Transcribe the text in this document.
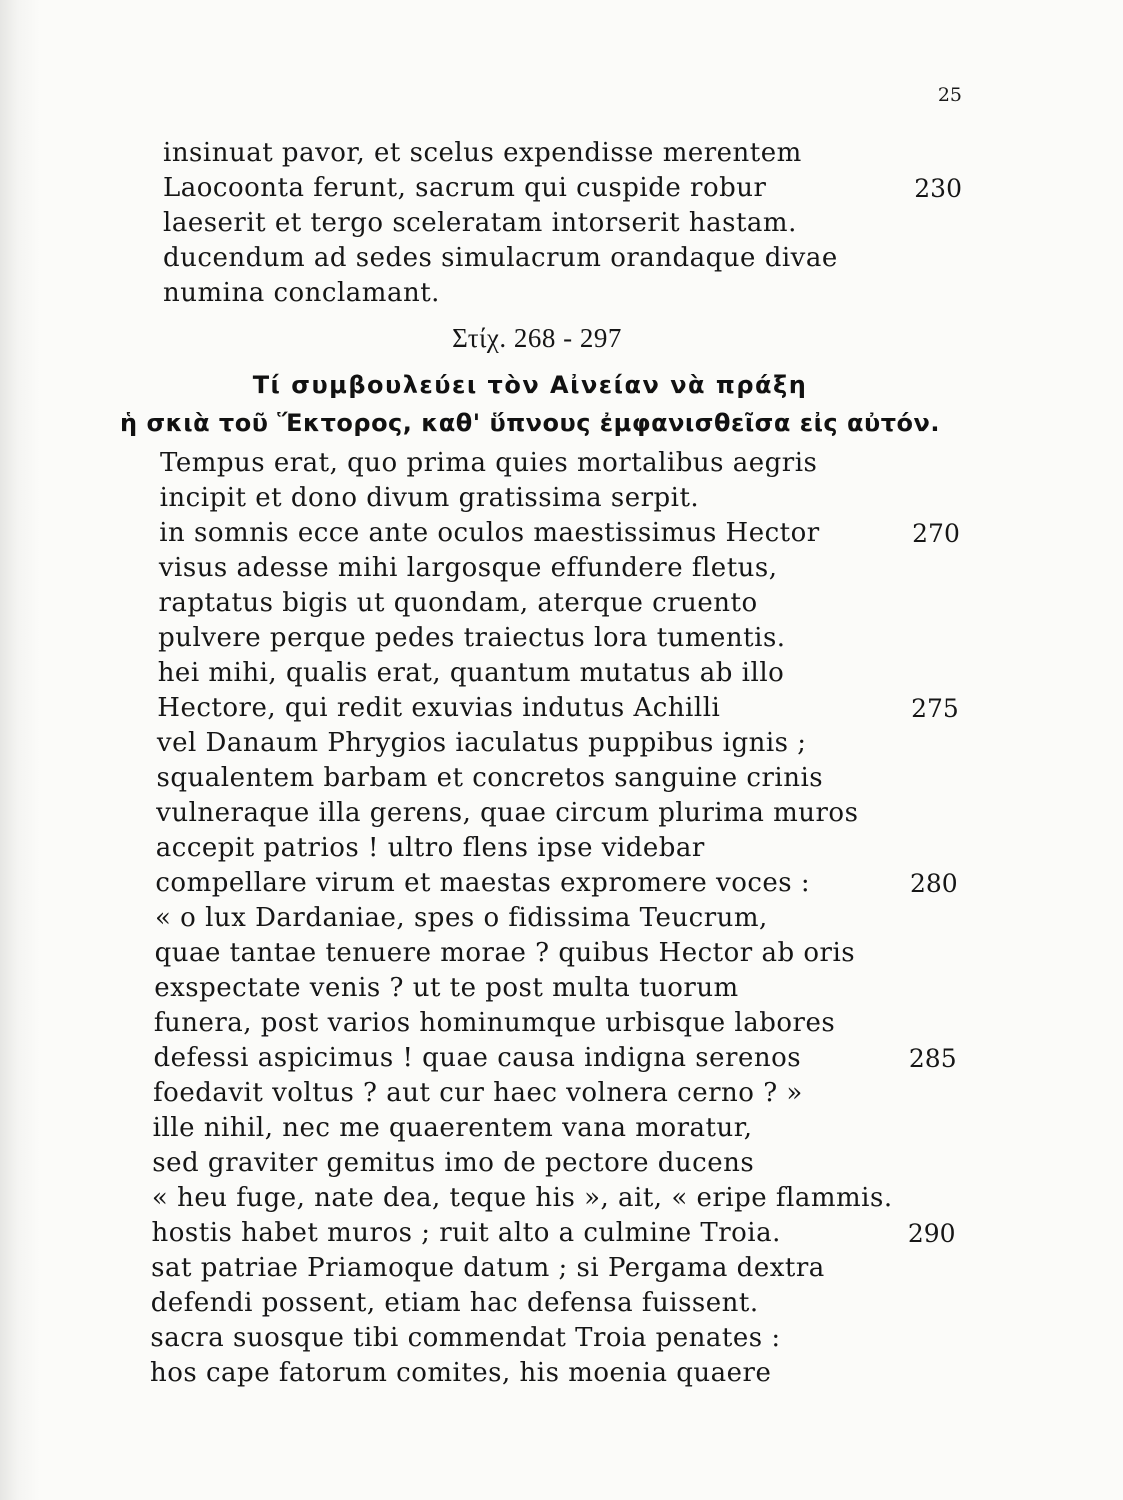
25
insinuat pavor, et scelus expendisse merentem
Laocoonta ferunt, sacrum qui cuspide robur	230
laeserit et tergo sceleratam intorserit hastam.
ducendum ad sedes simulacrum orandaque divae
numina conclamant.
Στίχ. 268 - 297
Τί συμβουλεύει τὸν Αἰνείαν νὰ πράξη
ἡ σκιὰ τοῦ Ἕκτορος, καθ' ὕπνους ἐμφανισθεῖσα εἰς αὐτόν.
Tempus erat, quo prima quies mortalibus aegris
incipit et dono divum gratissima serpit.
in somnis ecce ante oculos maestissimus Hector	270
visus adesse mihi largosque effundere fletus,
raptatus bigis ut quondam, aterque cruento
pulvere perque pedes traiectus lora tumentis.
hei mihi, qualis erat, quantum mutatus ab illo
Hectore, qui redit exuvias indutus Achilli	275
vel Danaum Phrygios iaculatus puppibus ignis ;
squalentem barbam et concretos sanguine crinis
vulneraque illa gerens, quae circum plurima muros
accepit patrios ! ultro flens ipse videbar
compellare virum et maestas expromere voces :	280
« o lux Dardaniae, spes o fidissima Teucrum,
quae tantae tenuere morae ? quibus Hector ab oris
exspectate venis ? ut te post multa tuorum
funera, post varios hominumque urbisque labores
defessi aspicimus ! quae causa indigna serenos	285
foedavit voltus ? aut cur haec volnera cerno ? »
ille nihil, nec me quaerentem vana moratur,
sed graviter gemitus imo de pectore ducens
« heu fuge, nate dea, teque his », ait, « eripe flammis.
hostis habet muros ; ruit alto a culmine Troia.	290
sat patriae Priamoque datum ; si Pergama dextra
defendi possent, etiam hac defensa fuissent.
sacra suosque tibi commendat Troia penates :
hos cape fatorum comites, his moenia quaere
